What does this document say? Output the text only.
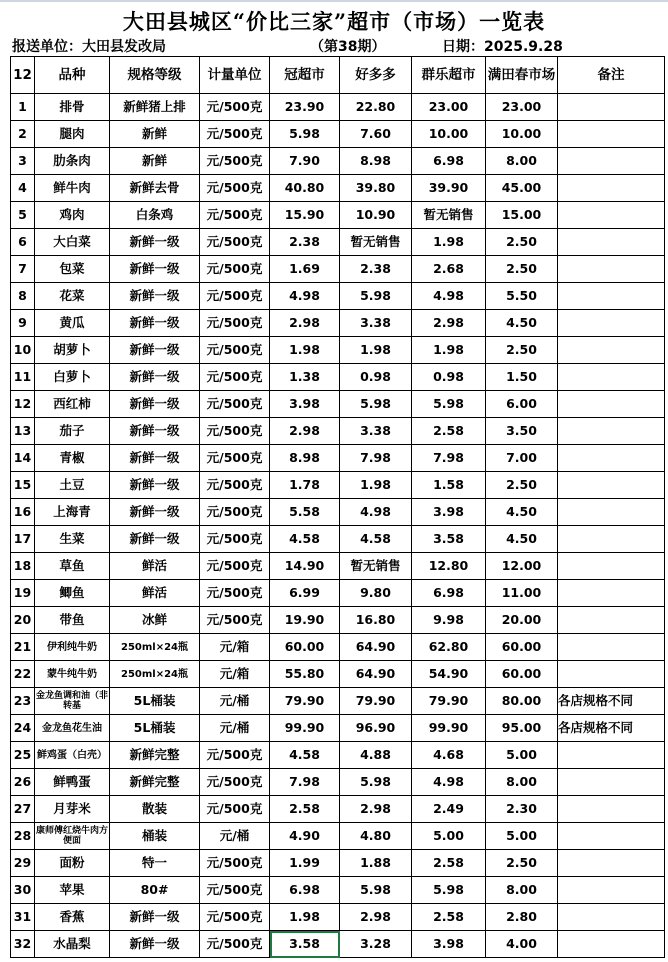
大田县城区“价比三家”超市（市场）一览表
报送单位：大田县发改局	（第38期）	日期：2025.9.28
12	品种	规格等级	计量单位	冠超市	好多多	群乐超市	满田春市场	备注
1	排骨	新鲜猪上排	元/500克	23.90	22.80	23.00	23.00	
2	腿肉	新鲜	元/500克	5.98	7.60	10.00	10.00	
3	肋条肉	新鲜	元/500克	7.90	8.98	6.98	8.00	
4	鲜牛肉	新鲜去骨	元/500克	40.80	39.80	39.90	45.00	
5	鸡肉	白条鸡	元/500克	15.90	10.90	暂无销售	15.00	
6	大白菜	新鲜一级	元/500克	2.38	暂无销售	1.98	2.50	
7	包菜	新鲜一级	元/500克	1.69	2.38	2.68	2.50	
8	花菜	新鲜一级	元/500克	4.98	5.98	4.98	5.50	
9	黄瓜	新鲜一级	元/500克	2.98	3.38	2.98	4.50	
10	胡萝卜	新鲜一级	元/500克	1.98	1.98	1.98	2.50	
11	白萝卜	新鲜一级	元/500克	1.38	0.98	0.98	1.50	
12	西红柿	新鲜一级	元/500克	3.98	5.98	5.98	6.00	
13	茄子	新鲜一级	元/500克	2.98	3.38	2.58	3.50	
14	青椒	新鲜一级	元/500克	8.98	7.98	7.98	7.00	
15	土豆	新鲜一级	元/500克	1.78	1.98	1.58	2.50	
16	上海青	新鲜一级	元/500克	5.58	4.98	3.98	4.50	
17	生菜	新鲜一级	元/500克	4.58	4.58	3.58	4.50	
18	草鱼	鲜活	元/500克	14.90	暂无销售	12.80	12.00	
19	鲫鱼	鲜活	元/500克	6.99	9.80	6.98	11.00	
20	带鱼	冰鲜	元/500克	19.90	16.80	9.98	20.00	
21	伊利纯牛奶	250ml×24瓶	元/箱	60.00	64.90	62.80	60.00	
22	蒙牛纯牛奶	250ml×24瓶	元/箱	55.80	64.90	54.90	60.00	
23	金龙鱼调和油（非转基	5L桶装	元/桶	79.90	79.90	79.90	80.00	各店规格不同
24	金龙鱼花生油	5L桶装	元/桶	99.90	96.90	99.90	95.00	各店规格不同
25	鲜鸡蛋（白壳）	新鲜完整	元/500克	4.58	4.88	4.68	5.00	
26	鲜鸭蛋	新鲜完整	元/500克	7.98	5.98	4.98	8.00	
27	月芽米	散装	元/500克	2.58	2.98	2.49	2.30	
28	康师傅红烧牛肉方便面	桶装	元/桶	4.90	4.80	5.00	5.00	
29	面粉	特一	元/500克	1.99	1.88	2.58	2.50	
30	苹果	80#	元/500克	6.98	5.98	5.98	8.00	
31	香蕉	新鲜一级	元/500克	1.98	2.98	2.58	2.80	
32	水晶梨	新鲜一级	元/500克	3.58	3.28	3.98	4.00	
